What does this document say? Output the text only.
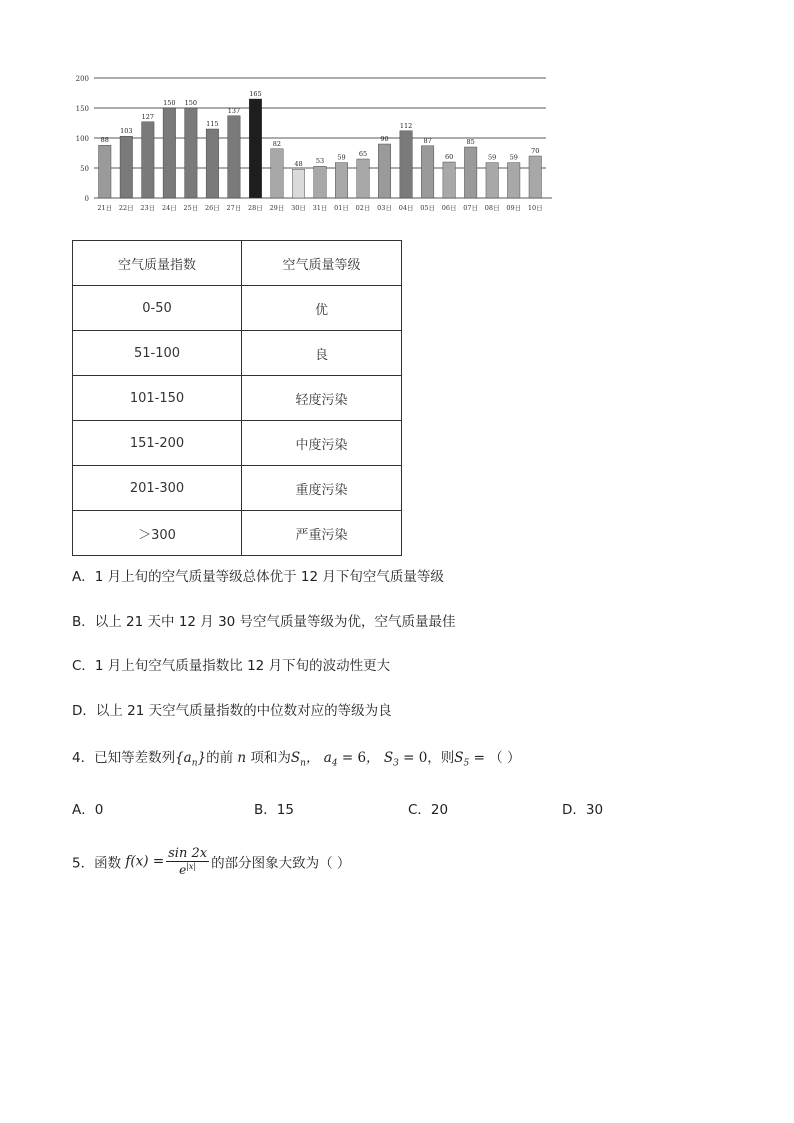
0
50
100
150
200
88
21日
103
22日
127
23日
150
24日
150
25日
115
26日
137
27日
165
28日
82
29日
48
30日
53
31日
59
01日
65
02日
90
03日
112
04日
87
05日
60
06日
85
07日
59
08日
59
09日
70
10日
空气质量指数	空气质量等级
0-50	优
51-100	良
101-150	轻度污染
151-200	中度污染
201-300	重度污染
＞300	严重污染
A．1 月上旬的空气质量等级总体优于 12 月下旬空气质量等级
B．以上 21 天中 12 月 30 号空气质量等级为优，空气质量最佳
C．1 月上旬空气质量指数比 12 月下旬的波动性更大
D．以上 21 天空气质量指数的中位数对应的等级为良
4．已知等差数列$\{a_n\}$的前 n 项和为$S_n$， $a_4 = 6$， $S_3 = 0$，则$S_5$ = （ ）
A．0	B．15	C．20	D．30
5．函数 $f(x) = \frac{\sin 2x}{e^{|x|}}$ 的部分图象大致为（ ）
